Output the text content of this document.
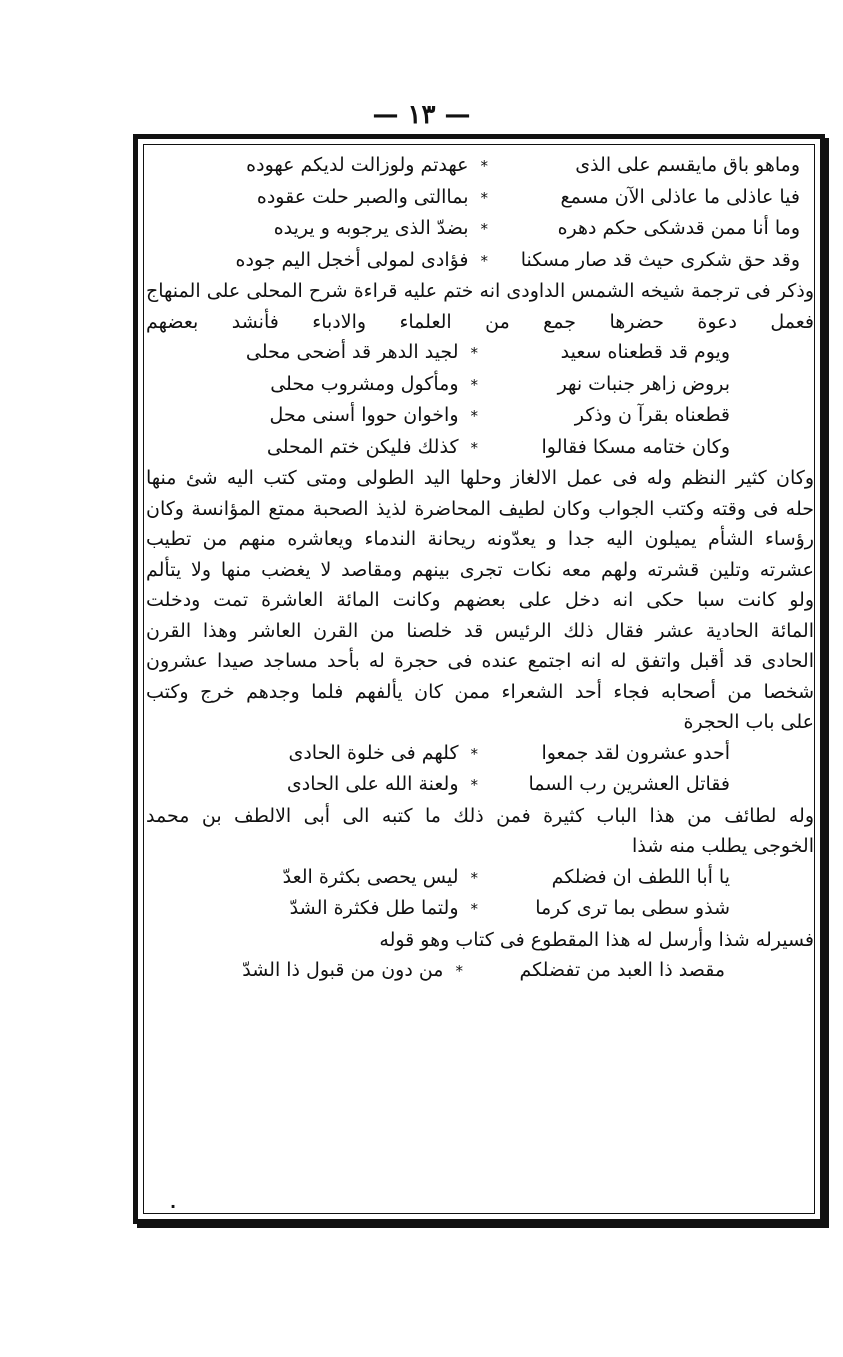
— ١٣ —
وماهو باق مايقسم على الذى
*
عهدتم ولوزالت لديكم عهوده
فيا عاذلى ما عاذلى الآن مسمع
*
بماالتى والصبر حلت عقوده
وما أنا ممن قدشكى حكم دهره
*
بضدّ الذى يرجوبه و يريده
وقد حق شكرى حيث قد صار مسكنا
*
فؤادى لمولى أخجل اليم جوده
وذكر فى ترجمة شيخه الشمس الداودى انه ختم عليه قراءة شرح المحلى على المنهاج
فعمل دعوة حضرها جمع من العلماء والادباء فأنشد بعضهم
ويوم قد قطعناه سعيد
*
لجيد الدهر قد أضحى محلى
بروض زاهر جنبات نهر
*
ومأكول ومشروب محلى
قطعناه بقرآ ن وذكر
*
واخوان حووا أسنى محل
وكان ختامه مسكا فقالوا
*
كذلك فليكن ختم المحلى
وكان كثير النظم وله فى عمل الالغاز وحلها اليد الطولى ومتى كتب اليه شئ منها
حله فى وقته وكتب الجواب وكان لطيف المحاضرة لذيذ الصحبة ممتع المؤانسة وكان
رؤساء الشأم يميلون اليه جدا و يعدّونه ريحانة الندماء ويعاشره منهم من تطيب
عشرته وتلين قشرته ولهم معه نكات تجرى بينهم ومقاصد لا يغضب منها ولا يتألم
ولو كانت سبا حكى انه دخل على بعضهم وكانت المائة العاشرة تمت ودخلت
المائة الحادية عشر فقال ذلك الرئيس قد خلصنا من القرن العاشر وهذا القرن
الحادى قد أقبل واتفق له انه اجتمع عنده فى حجرة له بأحد مساجد صيدا عشرون
شخصا من أصحابه فجاء أحد الشعراء ممن كان يألفهم فلما وجدهم خرج وكتب
على باب الحجرة
أحدو عشرون لقد جمعوا
*
كلهم فى خلوة الحادى
فقاتل العشرين رب السما
*
ولعنة الله على الحادى
وله لطائف من هذا الباب كثيرة فمن ذلك ما كتبه الى أبى الالطف بن محمد
الخوجى يطلب منه شذا
يا أبا اللطف ان فضلكم
*
ليس يحصى بكثرة العدّ
شذو سطى بما ترى كرما
*
ولتما طل فكثرة الشدّ
فسيرله شذا وأرسل له هذا المقطوع فى كتاب وهو قوله
مقصد ذا العبد من تفضلكم
*
من دون من قبول ذا الشدّ
.
